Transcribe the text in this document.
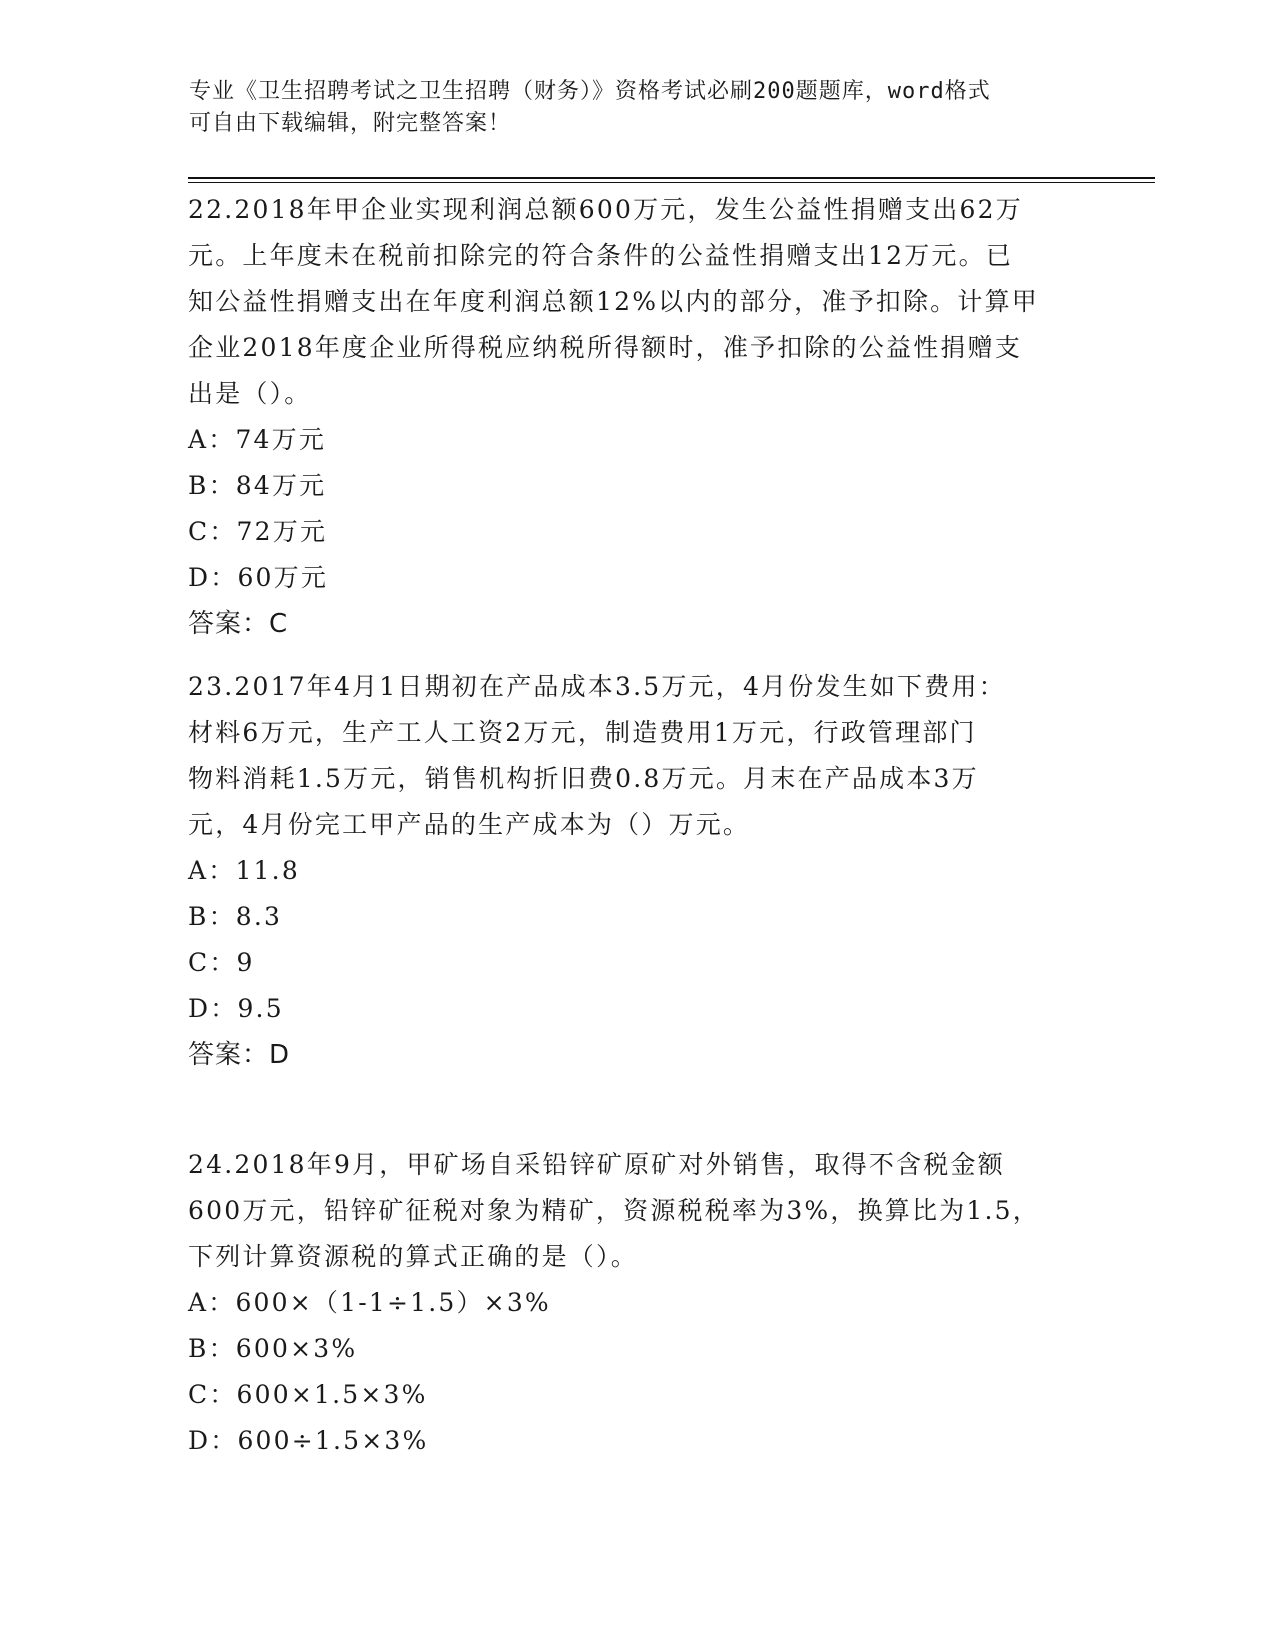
专业《卫生招聘考试之卫生招聘（财务）》资格考试必刷200题题库，word格式
可自由下载编辑，附完整答案！
22.2018年甲企业实现利润总额600万元，发生公益性捐赠支出62万
元。上年度未在税前扣除完的符合条件的公益性捐赠支出12万元。已
知公益性捐赠支出在年度利润总额12%以内的部分，准予扣除。计算甲
企业2018年度企业所得税应纳税所得额时，准予扣除的公益性捐赠支
出是（）。
A：74万元
B：84万元
C：72万元
D：60万元
答案：C
23.2017年4月1日期初在产品成本3.5万元，4月份发生如下费用：
材料6万元，生产工人工资2万元，制造费用1万元，行政管理部门
物料消耗1.5万元，销售机构折旧费0.8万元。月末在产品成本3万
元，4月份完工甲产品的生产成本为（）万元。
A：11.8
B：8.3
C：9
D：9.5
答案：D
24.2018年9月，甲矿场自采铅锌矿原矿对外销售，取得不含税金额
600万元，铅锌矿征税对象为精矿，资源税税率为3%，换算比为1.5，
下列计算资源税的算式正确的是（）。
A：600×（1-1÷1.5）×3%
B：600×3%
C：600×1.5×3%
D：600÷1.5×3%
